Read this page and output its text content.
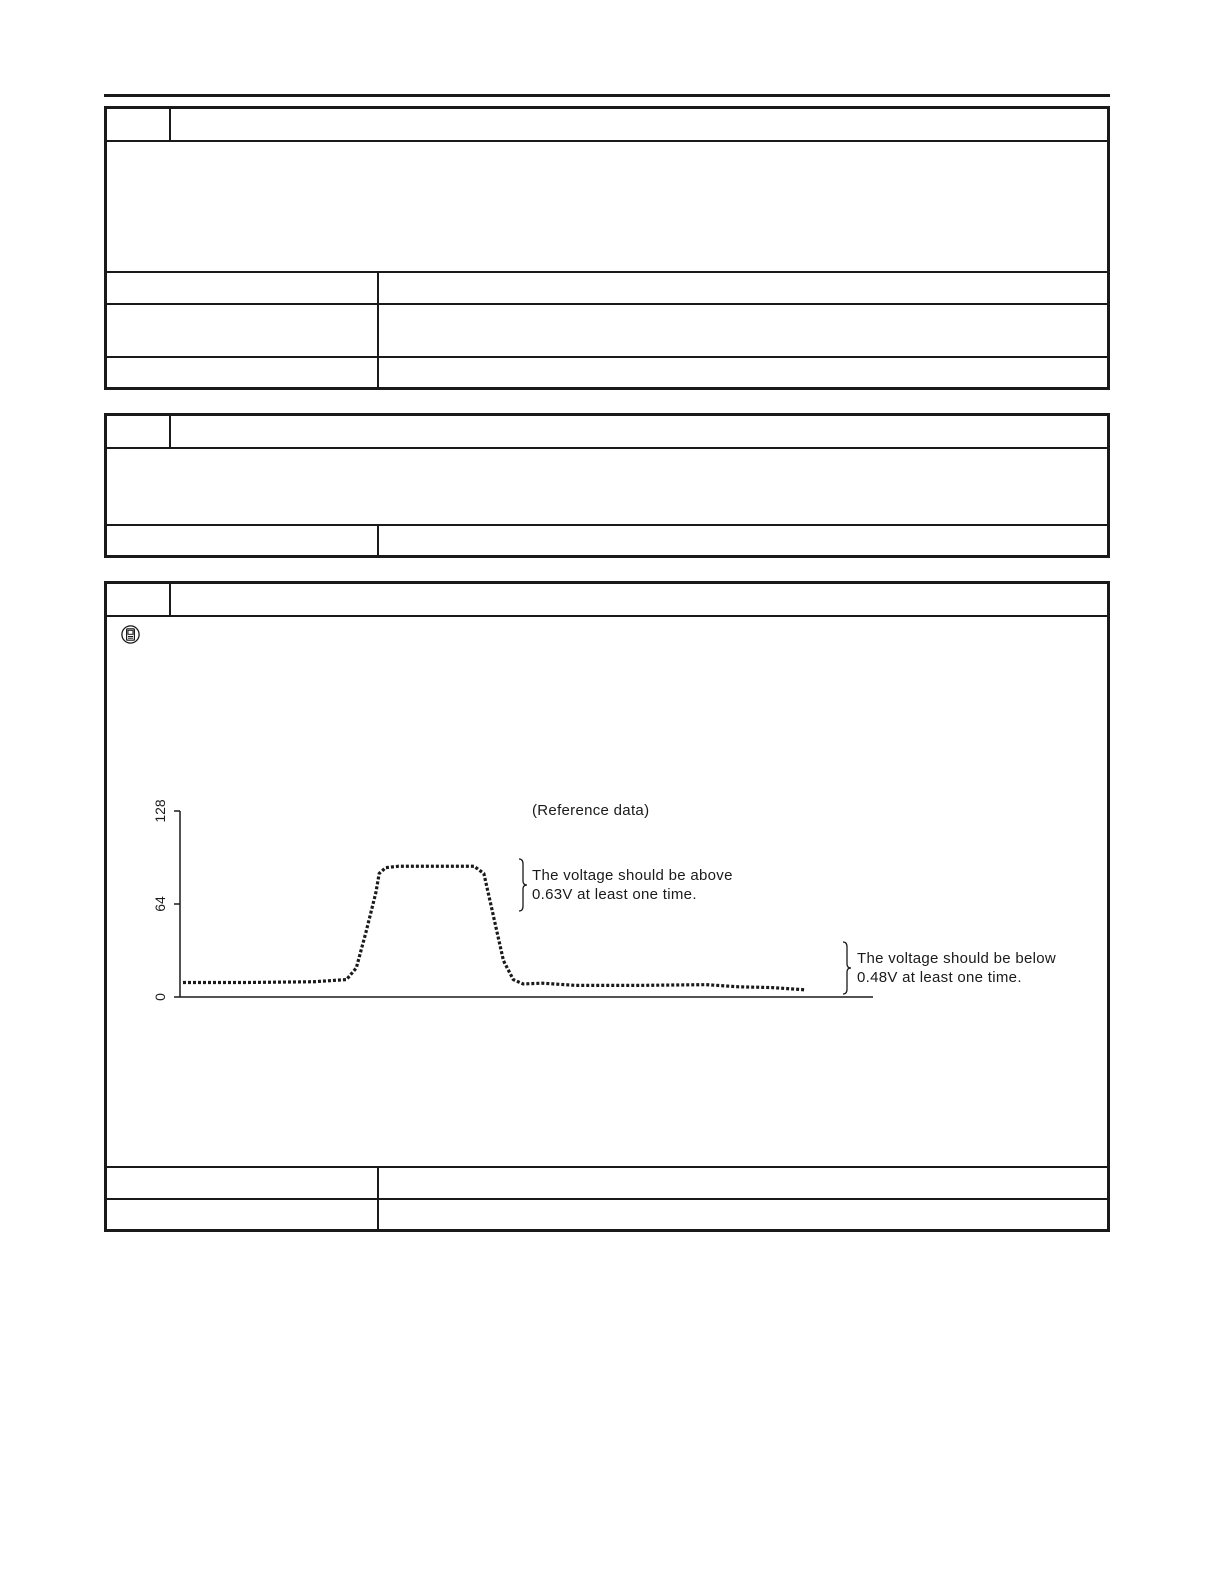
(Reference data)
0
64
128
The voltage should be above
0.63V at least one time.
The voltage should be below
0.48V at least one time.
